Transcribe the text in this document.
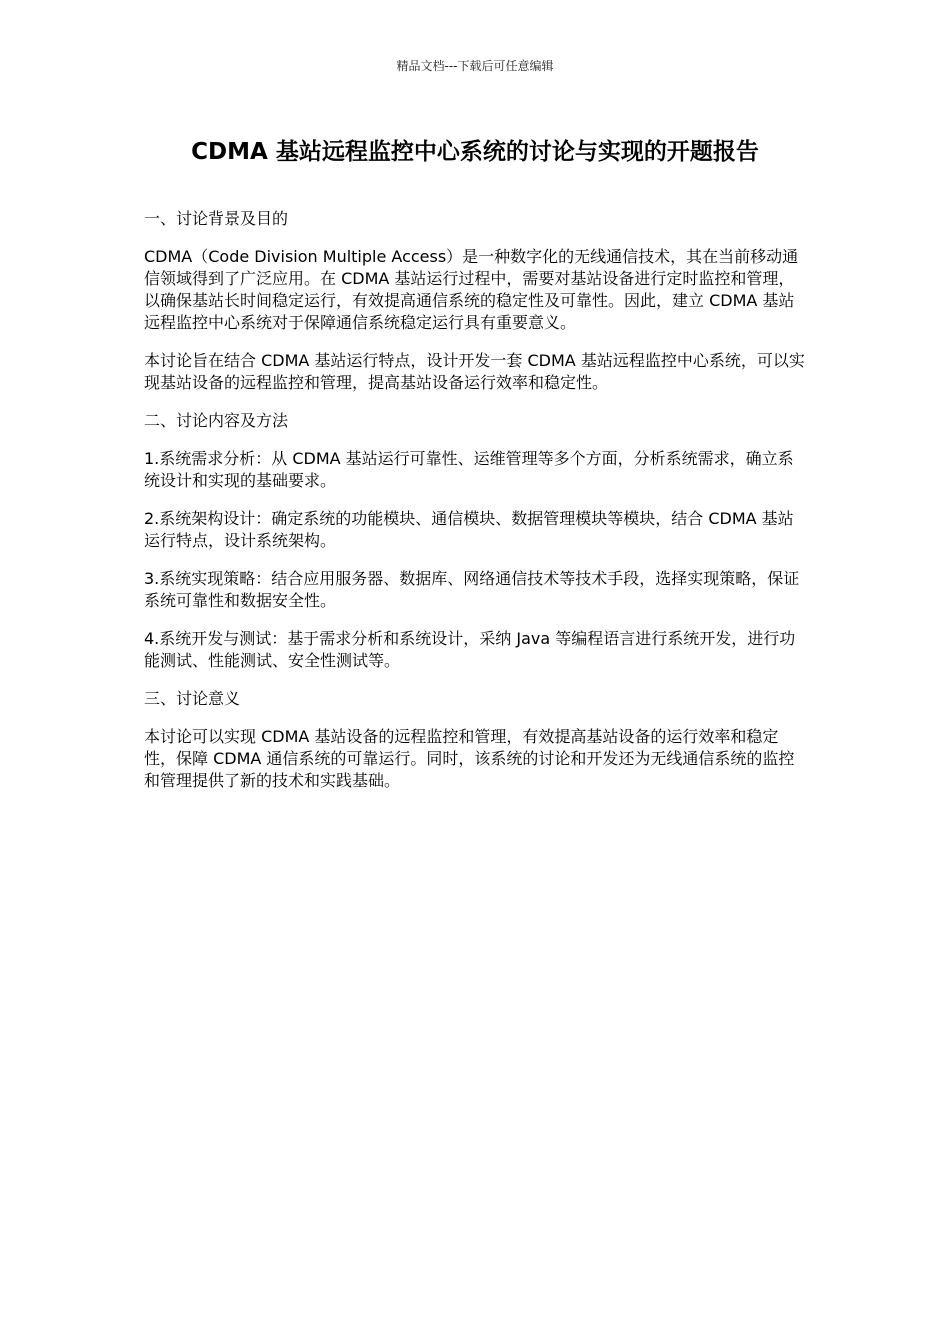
精品文档---下载后可任意编辑
CDMA 基站远程监控中心系统的讨论与实现的开题报告

一、讨论背景及目的

CDMA（Code Division Multiple Access）是一种数字化的无线通信技术，其在当前移动通信领域得到了广泛应用。在 CDMA 基站运行过程中，需要对基站设备进行定时监控和管理，以确保基站长时间稳定运行，有效提高通信系统的稳定性及可靠性。因此，建立 CDMA 基站远程监控中心系统对于保障通信系统稳定运行具有重要意义。

本讨论旨在结合 CDMA 基站运行特点，设计开发一套 CDMA 基站远程监控中心系统，可以实现基站设备的远程监控和管理，提高基站设备运行效率和稳定性。

二、讨论内容及方法

1.系统需求分析：从 CDMA 基站运行可靠性、运维管理等多个方面，分析系统需求，确立系统设计和实现的基础要求。

2.系统架构设计：确定系统的功能模块、通信模块、数据管理模块等模块，结合 CDMA 基站运行特点，设计系统架构。

3.系统实现策略：结合应用服务器、数据库、网络通信技术等技术手段，选择实现策略，保证系统可靠性和数据安全性。

4.系统开发与测试：基于需求分析和系统设计，采纳 Java 等编程语言进行系统开发，进行功能测试、性能测试、安全性测试等。

三、讨论意义

本讨论可以实现 CDMA 基站设备的远程监控和管理，有效提高基站设备的运行效率和稳定性，保障 CDMA 通信系统的可靠运行。同时，该系统的讨论和开发还为无线通信系统的监控和管理提供了新的技术和实践基础。
